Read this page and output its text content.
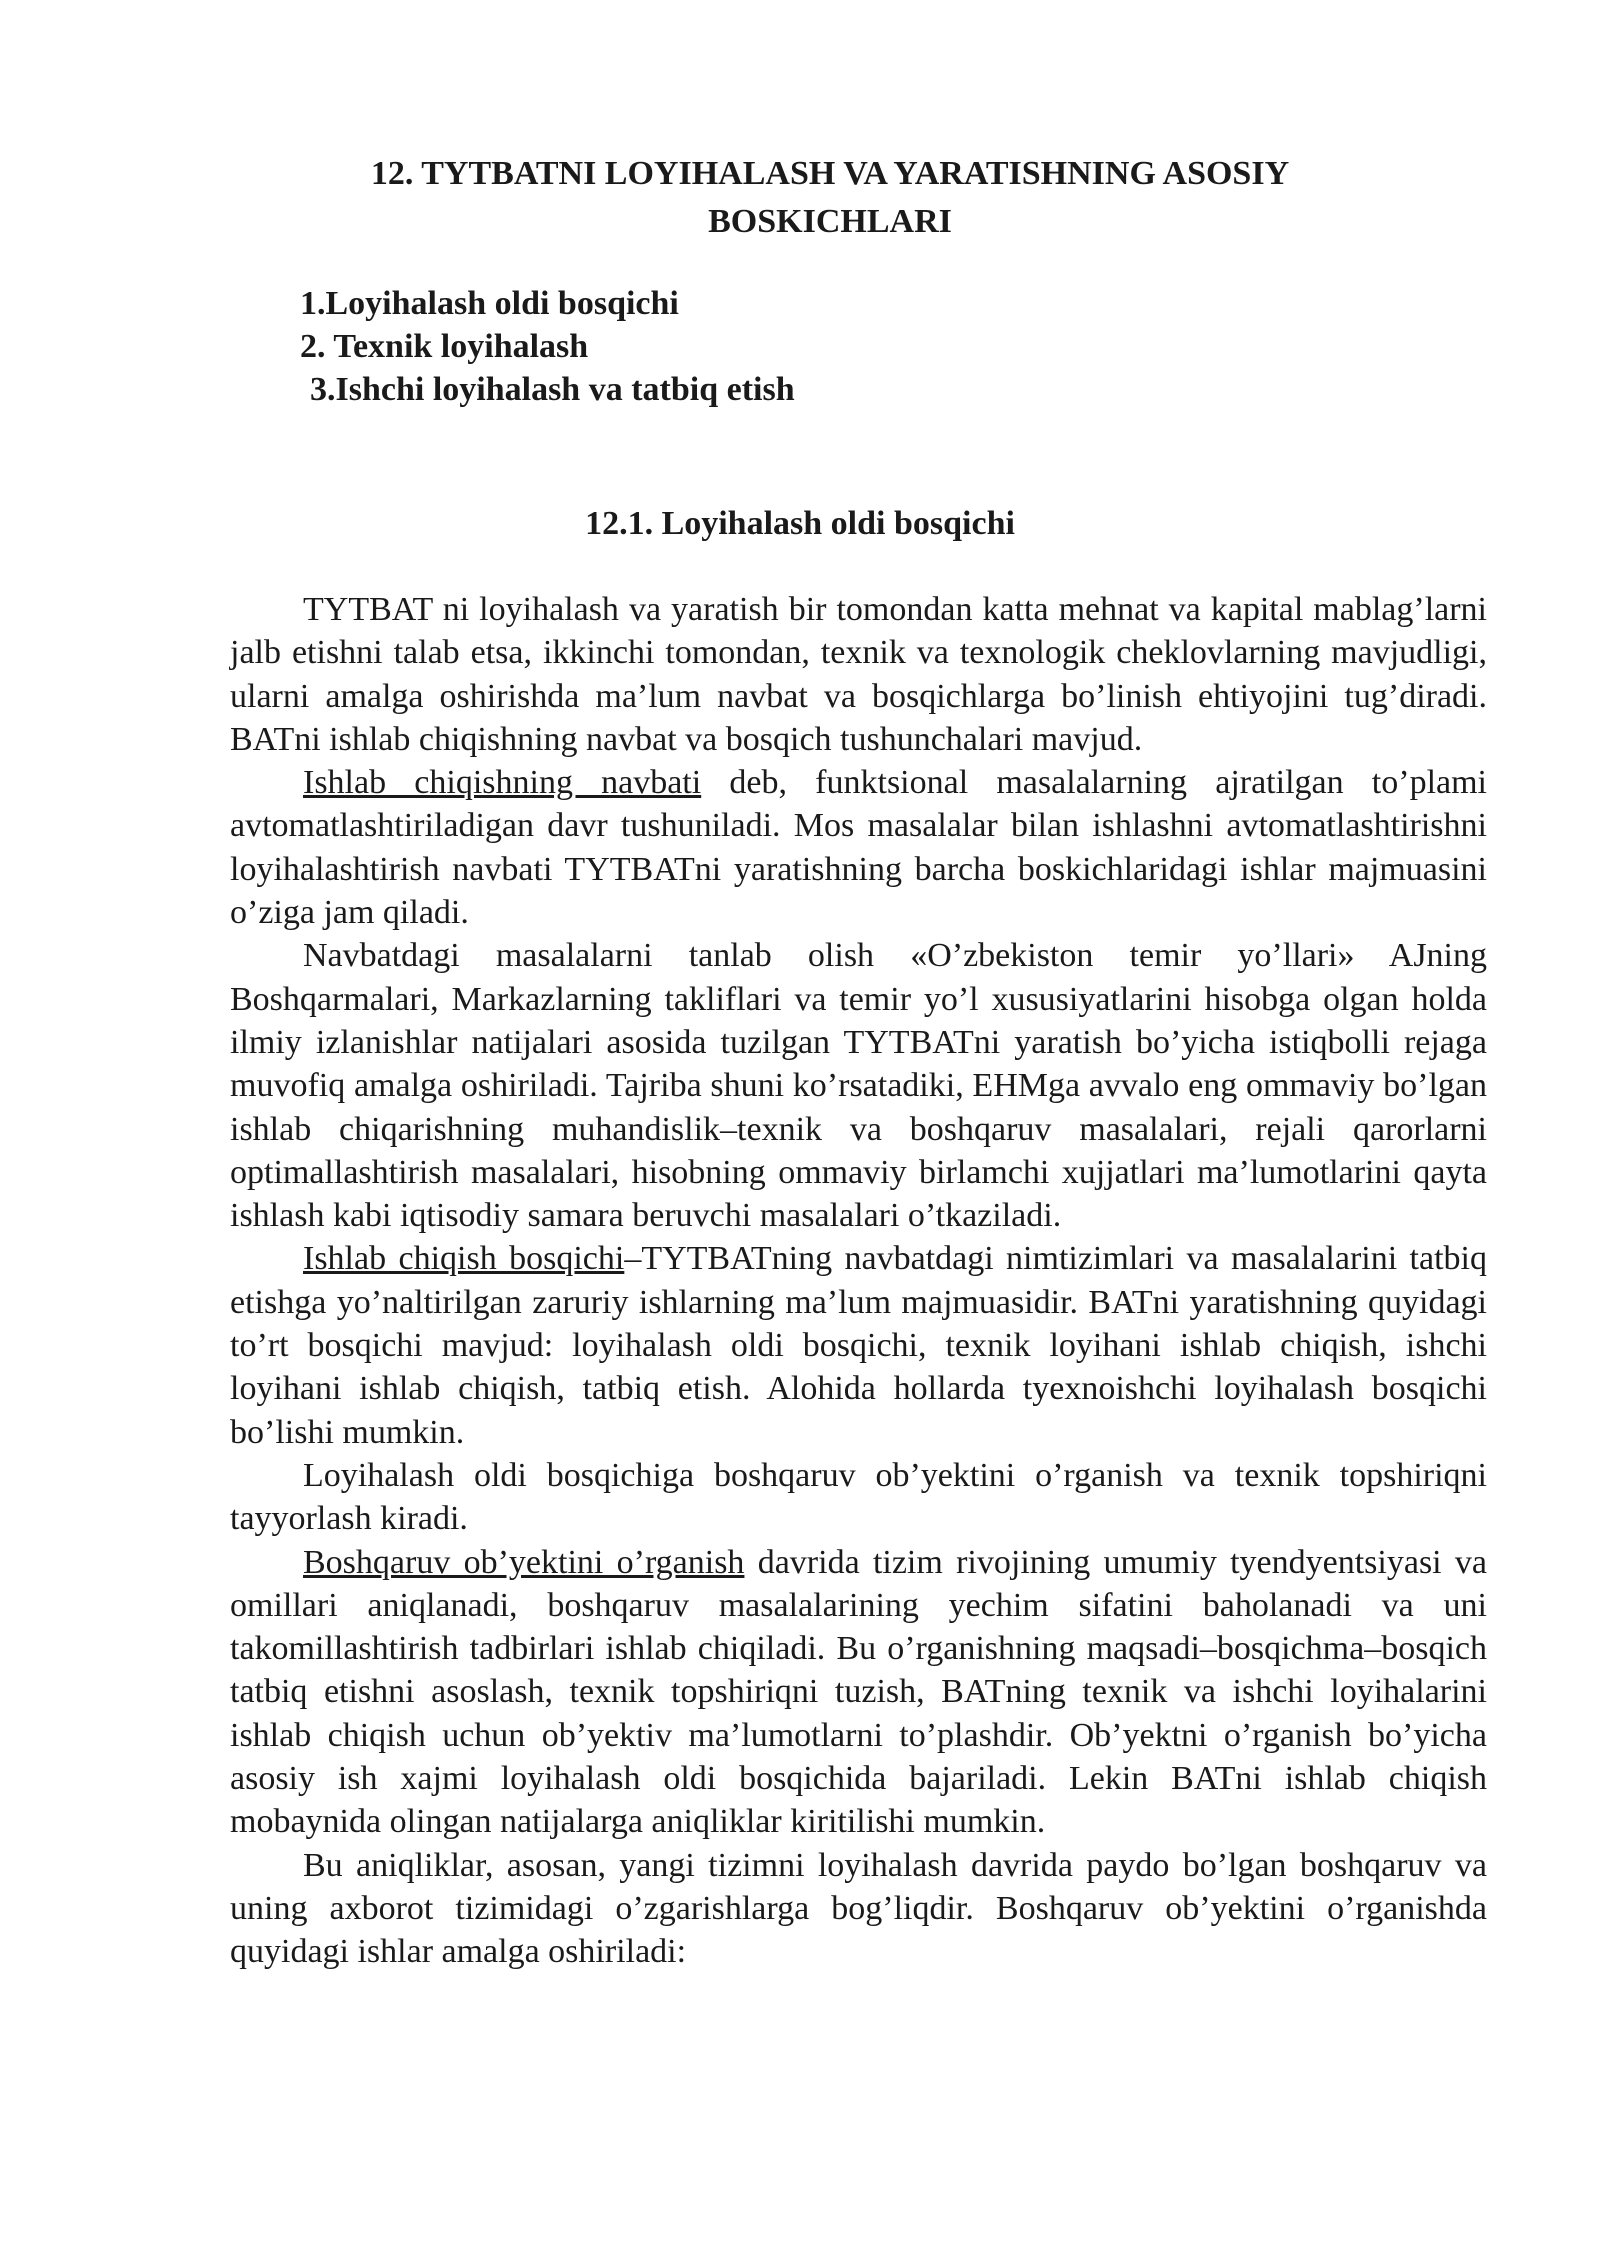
12. TYTBATNI LOYIHALASH VA YARATISHNING ASOSIY
BOSKICHLARI
1.Loyihalash oldi bosqichi
2. Texnik loyihalash
3.Ishchi loyihalash va tatbiq etish
12.1. Loyihalash oldi bosqichi

TYTBAT ni loyihalash va yaratish bir tomondan katta mehnat va kapital mablag’larni jalb etishni talab etsa, ikkinchi tomondan, texnik va texnologik cheklovlarning mavjudligi, ularni amalga oshirishda ma’lum navbat va bosqichlarga bo’linish ehtiyojini tug’diradi. BATni ishlab chiqishning navbat va bosqich tushunchalari mavjud.

Ishlab chiqishning navbati deb, funktsional masalalarning ajratilgan to’plami avtomatlashtiriladigan davr tushuniladi. Mos masalalar bilan ishlashni avtomatlashtirishni loyihalashtirish navbati TYTBATni yaratishning barcha boskichlaridagi ishlar majmuasini o’ziga jam qiladi.

Navbatdagi masalalarni tanlab olish «O’zbekiston temir yo’llari» AJning Boshqarmalari, Markazlarning takliflari va temir yo’l xususiyatlarini hisobga olgan holda ilmiy izlanishlar natijalari asosida tuzilgan TYTBATni yaratish bo’yicha istiqbolli rejaga muvofiq amalga oshiriladi. Tajriba shuni ko’rsatadiki, EHMga avvalo eng ommaviy bo’lgan ishlab chiqarishning muhandislik–texnik va boshqaruv masalalari, rejali qarorlarni optimallashtirish masalalari, hisobning ommaviy birlamchi xujjatlari ma’lumotlarini qayta ishlash kabi iqtisodiy samara beruvchi masalalari o’tkaziladi.

Ishlab chiqish bosqichi–TYTBATning navbatdagi nimtizimlari va masalalarini tatbiq etishga yo’naltirilgan zaruriy ishlarning ma’lum majmuasidir. BATni yaratishning quyidagi to’rt bosqichi mavjud: loyihalash oldi bosqichi, texnik loyihani ishlab chiqish, ishchi loyihani ishlab chiqish, tatbiq etish. Alohida hollarda tyexnoishchi loyihalash bosqichi bo’lishi mumkin.

Loyihalash oldi bosqichiga boshqaruv ob’yektini o’rganish va texnik topshiriqni tayyorlash kiradi.

Boshqaruv ob’yektini o’rganish davrida tizim rivojining umumiy tyendyentsiyasi va omillari aniqlanadi, boshqaruv masalalarining yechim sifatini baholanadi va uni takomillashtirish tadbirlari ishlab chiqiladi. Bu o’rganishning maqsadi–bosqichma–bosqich tatbiq etishni asoslash, texnik topshiriqni tuzish, BATning texnik va ishchi loyihalarini ishlab chiqish uchun ob’yektiv ma’lumotlarni to’plashdir. Ob’yektni o’rganish bo’yicha asosiy ish xajmi loyihalash oldi bosqichida bajariladi. Lekin BATni ishlab chiqish mobaynida olingan natijalarga aniqliklar kiritilishi mumkin.

Bu aniqliklar, asosan, yangi tizimni loyihalash davrida paydo bo’lgan boshqaruv va uning axborot tizimidagi o’zgarishlarga bog’liqdir. Boshqaruv ob’yektini o’rganishda quyidagi ishlar amalga oshiriladi:
